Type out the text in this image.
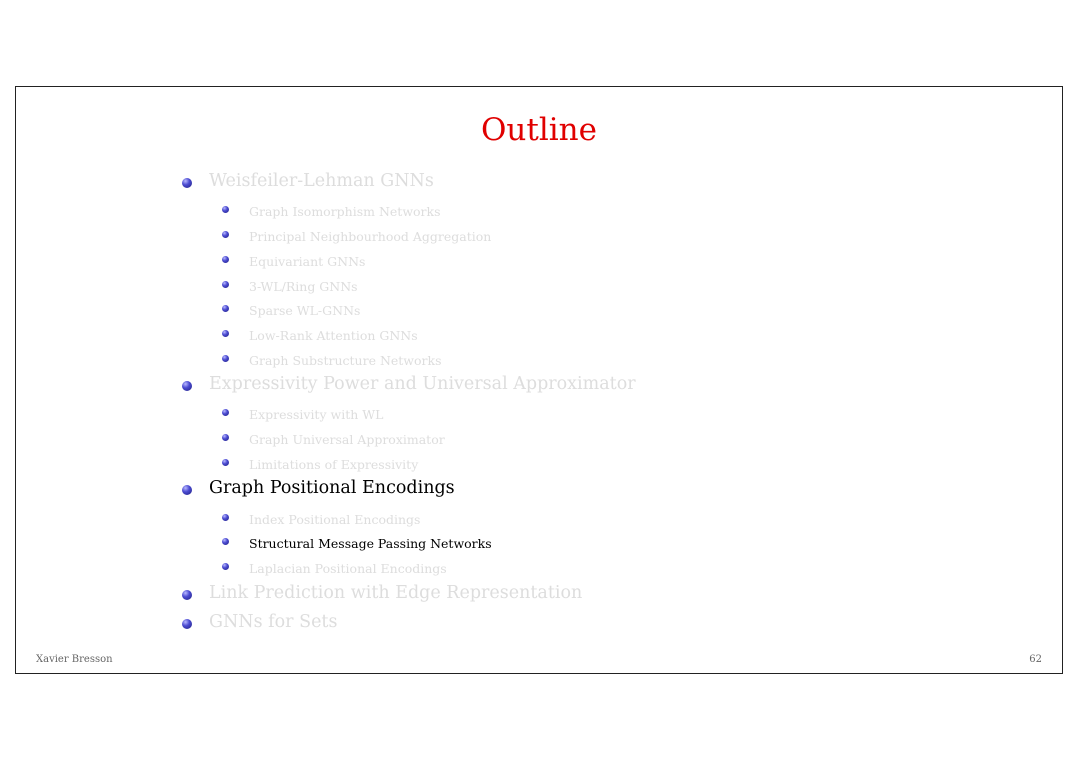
Outline
Weisfeiler-Lehman GNNs
Graph Isomorphism Networks
Principal Neighbourhood Aggregation
Equivariant GNNs
3-WL/Ring GNNs
Sparse WL-GNNs
Low-Rank Attention GNNs
Graph Substructure Networks
Expressivity Power and Universal Approximator
Expressivity with WL
Graph Universal Approximator
Limitations of Expressivity
Graph Positional Encodings
Index Positional Encodings
Structural Message Passing Networks
Laplacian Positional Encodings
Link Prediction with Edge Representation
GNNs for Sets
Xavier Bresson	62
